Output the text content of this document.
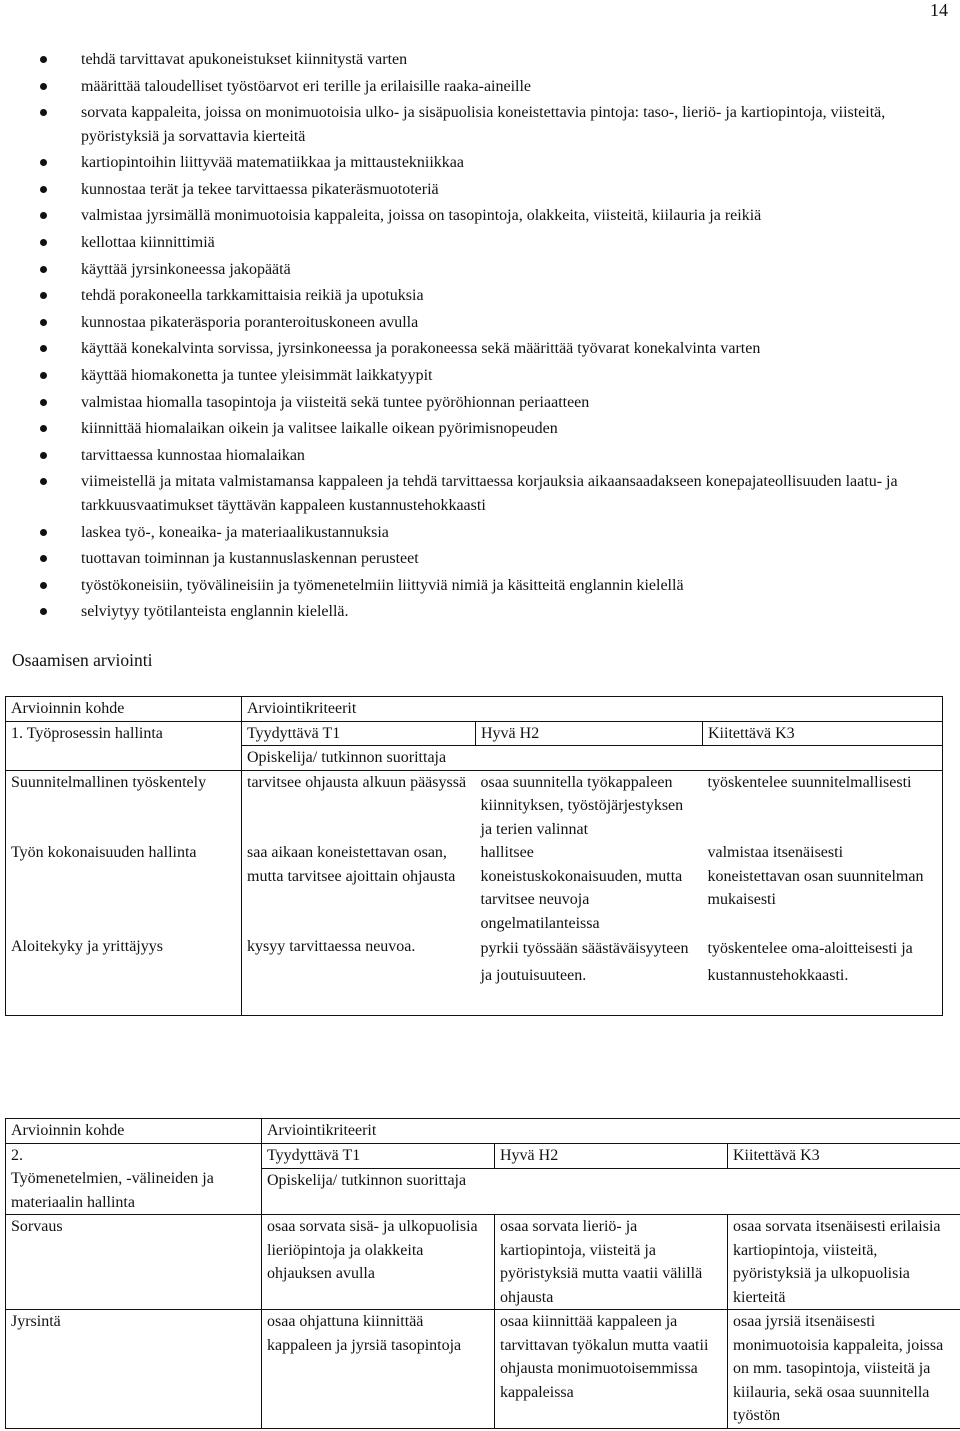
14
tehdä tarvittavat apukoneistukset kiinnitystä varten
määrittää taloudelliset työstöarvot eri terille ja erilaisille raaka-aineille
sorvata kappaleita, joissa on monimuotoisia ulko- ja sisäpuolisia koneistettavia pintoja: taso-, lieriö- ja kartiopintoja, viisteitä, pyöristyksiä ja sorvattavia kierteitä
kartiopintoihin liittyvää matematiikkaa ja mittaustekniikkaa
kunnostaa terät ja tekee tarvittaessa pikateräsmuototeriä
valmistaa jyrsimällä monimuotoisia kappaleita, joissa on tasopintoja, olakkeita, viisteitä, kiilauria ja reikiä
kellottaa kiinnittimiä
käyttää jyrsinkoneessa jakopäätä
tehdä porakoneella tarkkamittaisia reikiä ja upotuksia
kunnostaa pikateräsporia poranteroituskoneen avulla
käyttää konekalvinta sorvissa, jyrsinkoneessa ja porakoneessa sekä määrittää työvarat konekalvinta varten
käyttää hiomakonetta ja tuntee yleisimmät laikkatyypit
valmistaa hiomalla tasopintoja ja viisteitä sekä tuntee pyöröhionnan periaatteen
kiinnittää hiomalaikan oikein ja valitsee laikalle oikean pyörimisnopeuden
tarvittaessa kunnostaa hiomalaikan
viimeistellä ja mitata valmistamansa kappaleen ja tehdä tarvittaessa korjauksia aikaansaadakseen konepajateollisuuden laatu- ja tarkkuusvaatimukset täyttävän kappaleen kustannustehokkaasti
laskea työ-, koneaika- ja materiaalikustannuksia
tuottavan toiminnan ja kustannuslaskennan perusteet
työstökoneisiin, työvälineisiin ja työmenetelmiin liittyviä nimiä ja käsitteitä englannin kielellä
selviytyy työtilanteista englannin kielellä.
Osaamisen arviointi
Arvioinnin kohde	Arviointikriteerit		
1. Työprosessin hallinta	Tyydyttävä T1	Hyvä H2	Kiitettävä K3
	Opiskelija/ tutkinnon suorittaja		
Suunnitelmallinen työskentely	tarvitsee ohjausta alkuun pääsyssä	osaa suunnitella työkappaleen kiinnityksen, työstöjärjestyksen ja terien valinnat	työskentelee suunnitelmallisesti
Työn kokonaisuuden hallinta	saa aikaan koneistettavan osan, mutta tarvitsee ajoittain ohjausta	hallitsee koneistuskokonaisuuden, mutta tarvitsee neuvoja ongelmatilanteissa	valmistaa itsenäisesti koneistettavan osan suunnitelman mukaisesti
Aloitekyky ja yrittäjyys	kysyy tarvittaessa neuvoa.	pyrkii työssään säästäväisyyteen ja joutuisuuteen.	työskentelee oma-aloitteisesti ja kustannustehokkaasti.

Arvioinnin kohde	Arviointikriteerit		
2.
Työmenetelmien, -välineiden ja materiaalin hallinta	Tyydyttävä T1	Hyvä H2	Kiitettävä K3
	Opiskelija/ tutkinnon suorittaja		
Sorvaus	osaa sorvata sisä- ja ulkopuolisia lieriöpintoja ja olakkeita ohjauksen avulla	osaa sorvata lieriö- ja kartiopintoja, viisteitä ja pyöristyksiä mutta vaatii välillä ohjausta	osaa sorvata itsenäisesti erilaisia kartiopintoja, viisteitä, pyöristyksiä ja ulkopuolisia kierteitä
Jyrsintä	osaa ohjattuna kiinnittää kappaleen ja jyrsiä tasopintoja	osaa kiinnittää kappaleen ja tarvittavan työkalun mutta vaatii ohjausta monimuotoisemmissa kappaleissa	osaa jyrsiä itsenäisesti monimuotoisia kappaleita, joissa on mm. tasopintoja, viisteitä ja kiilauria, sekä osaa suunnitella työstön
